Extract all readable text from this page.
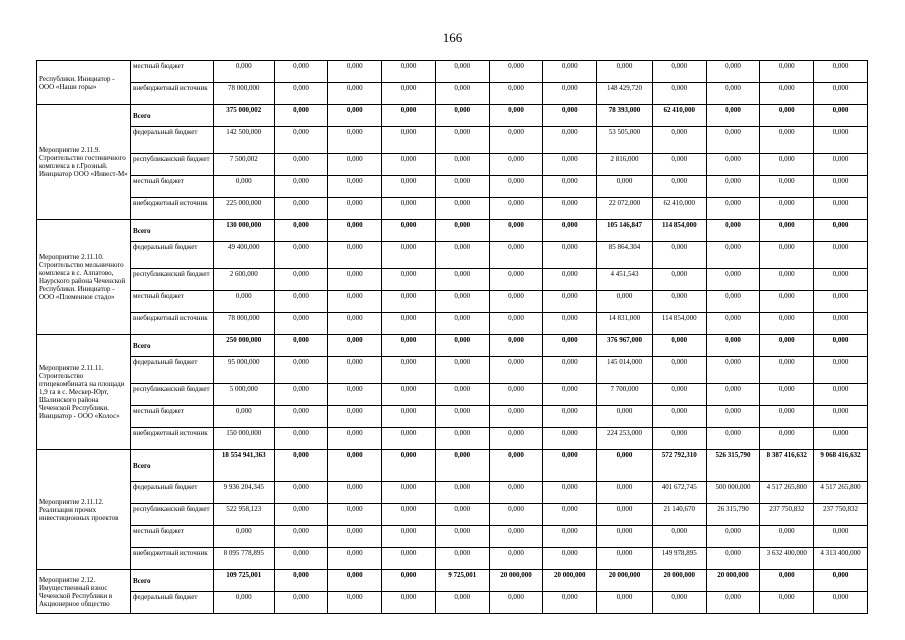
166
Республики. Инициатор - ООО «Наши горы»	местный бюджет	0,000	0,000	0,000	0,000	0,000	0,000	0,000	0,000	0,000	0,000	0,000	0,000
	внебюджетный источник	78 000,000	0,000	0,000	0,000	0,000	0,000	0,000	148 429,720	0,000	0,000	0,000	0,000
Мероприятие 2.11.9. Строительство гостиничного комплекса в г.Грозный. Инициатор ООО «Инвест-М»	Всего	375 000,002	0,000	0,000	0,000	0,000	0,000	0,000	78 393,000	62 410,000	0,000	0,000	0,000
	федеральный бюджет	142 500,000	0,000	0,000	0,000	0,000	0,000	0,000	53 505,000	0,000	0,000	0,000	0,000
	республиканский бюджет	7 500,002	0,000	0,000	0,000	0,000	0,000	0,000	2 816,000	0,000	0,000	0,000	0,000
	местный бюджет	0,000	0,000	0,000	0,000	0,000	0,000	0,000	0,000	0,000	0,000	0,000	0,000
	внебюджетный источник	225 000,000	0,000	0,000	0,000	0,000	0,000	0,000	22 072,000	62 410,000	0,000	0,000	0,000
Мероприятие 2.11.10. Строительство мельничного комплекса в с. Алпатово, Наурского района Чеченской Республики. Инициатор - ООО «Племенное стадо»	Всего	130 000,000	0,000	0,000	0,000	0,000	0,000	0,000	105 146,847	114 854,000	0,000	0,000	0,000
	федеральный бюджет	49 400,000	0,000	0,000	0,000	0,000	0,000	0,000	85 864,304	0,000	0,000	0,000	0,000
	республиканский бюджет	2 600,000	0,000	0,000	0,000	0,000	0,000	0,000	4 451,543	0,000	0,000	0,000	0,000
	местный бюджет	0,000	0,000	0,000	0,000	0,000	0,000	0,000	0,000	0,000	0,000	0,000	0,000
	внебюджетный источник	78 000,000	0,000	0,000	0,000	0,000	0,000	0,000	14 831,000	114 854,000	0,000	0,000	0,000
Мероприятие 2.11.11. Строительство птицекомбината на площади 1,9 га в с. Мескер-Юрт, Шалинского района Чеченской Республики. Инициатор - ООО «Колос»	Всего	250 000,000	0,000	0,000	0,000	0,000	0,000	0,000	376 967,000	0,000	0,000	0,000	0,000
	федеральный бюджет	95 000,000	0,000	0,000	0,000	0,000	0,000	0,000	145 014,000	0,000	0,000	0,000	0,000
	республиканский бюджет	5 000,000	0,000	0,000	0,000	0,000	0,000	0,000	7 700,000	0,000	0,000	0,000	0,000
	местный бюджет	0,000	0,000	0,000	0,000	0,000	0,000	0,000	0,000	0,000	0,000	0,000	0,000
	внебюджетный источник	150 000,000	0,000	0,000	0,000	0,000	0,000	0,000	224 253,000	0,000	0,000	0,000	0,000
Мероприятие 2.11.12. Реализация прочих инвестиционных проектов	Всего	18 554 941,363	0,000	0,000	0,000	0,000	0,000	0,000	0,000	572 792,310	526 315,790	8 387 416,632	9 068 416,632
	федеральный бюджет	9 936 204,345	0,000	0,000	0,000	0,000	0,000	0,000	0,000	401 672,745	500 000,000	4 517 265,800	4 517 265,800
	республиканский бюджет	522 958,123	0,000	0,000	0,000	0,000	0,000	0,000	0,000	21 140,670	26 315,790	237 750,832	237 750,832
	местный бюджет	0,000	0,000	0,000	0,000	0,000	0,000	0,000	0,000	0,000	0,000	0,000	0,000
	внебюджетный источник	8 095 778,895	0,000	0,000	0,000	0,000	0,000	0,000	0,000	149 978,895	0,000	3 632 400,000	4 313 400,000
Мероприятие 2.12. Имущественный взнос Чеченской Республики в Акционерное общество	Всего	109 725,001	0,000	0,000	0,000	9 725,001	20 000,000	20 000,000	20 000,000	20 000,000	20 000,000	0,000	0,000
	федеральный бюджет	0,000	0,000	0,000	0,000	0,000	0,000	0,000	0,000	0,000	0,000	0,000	0,000
